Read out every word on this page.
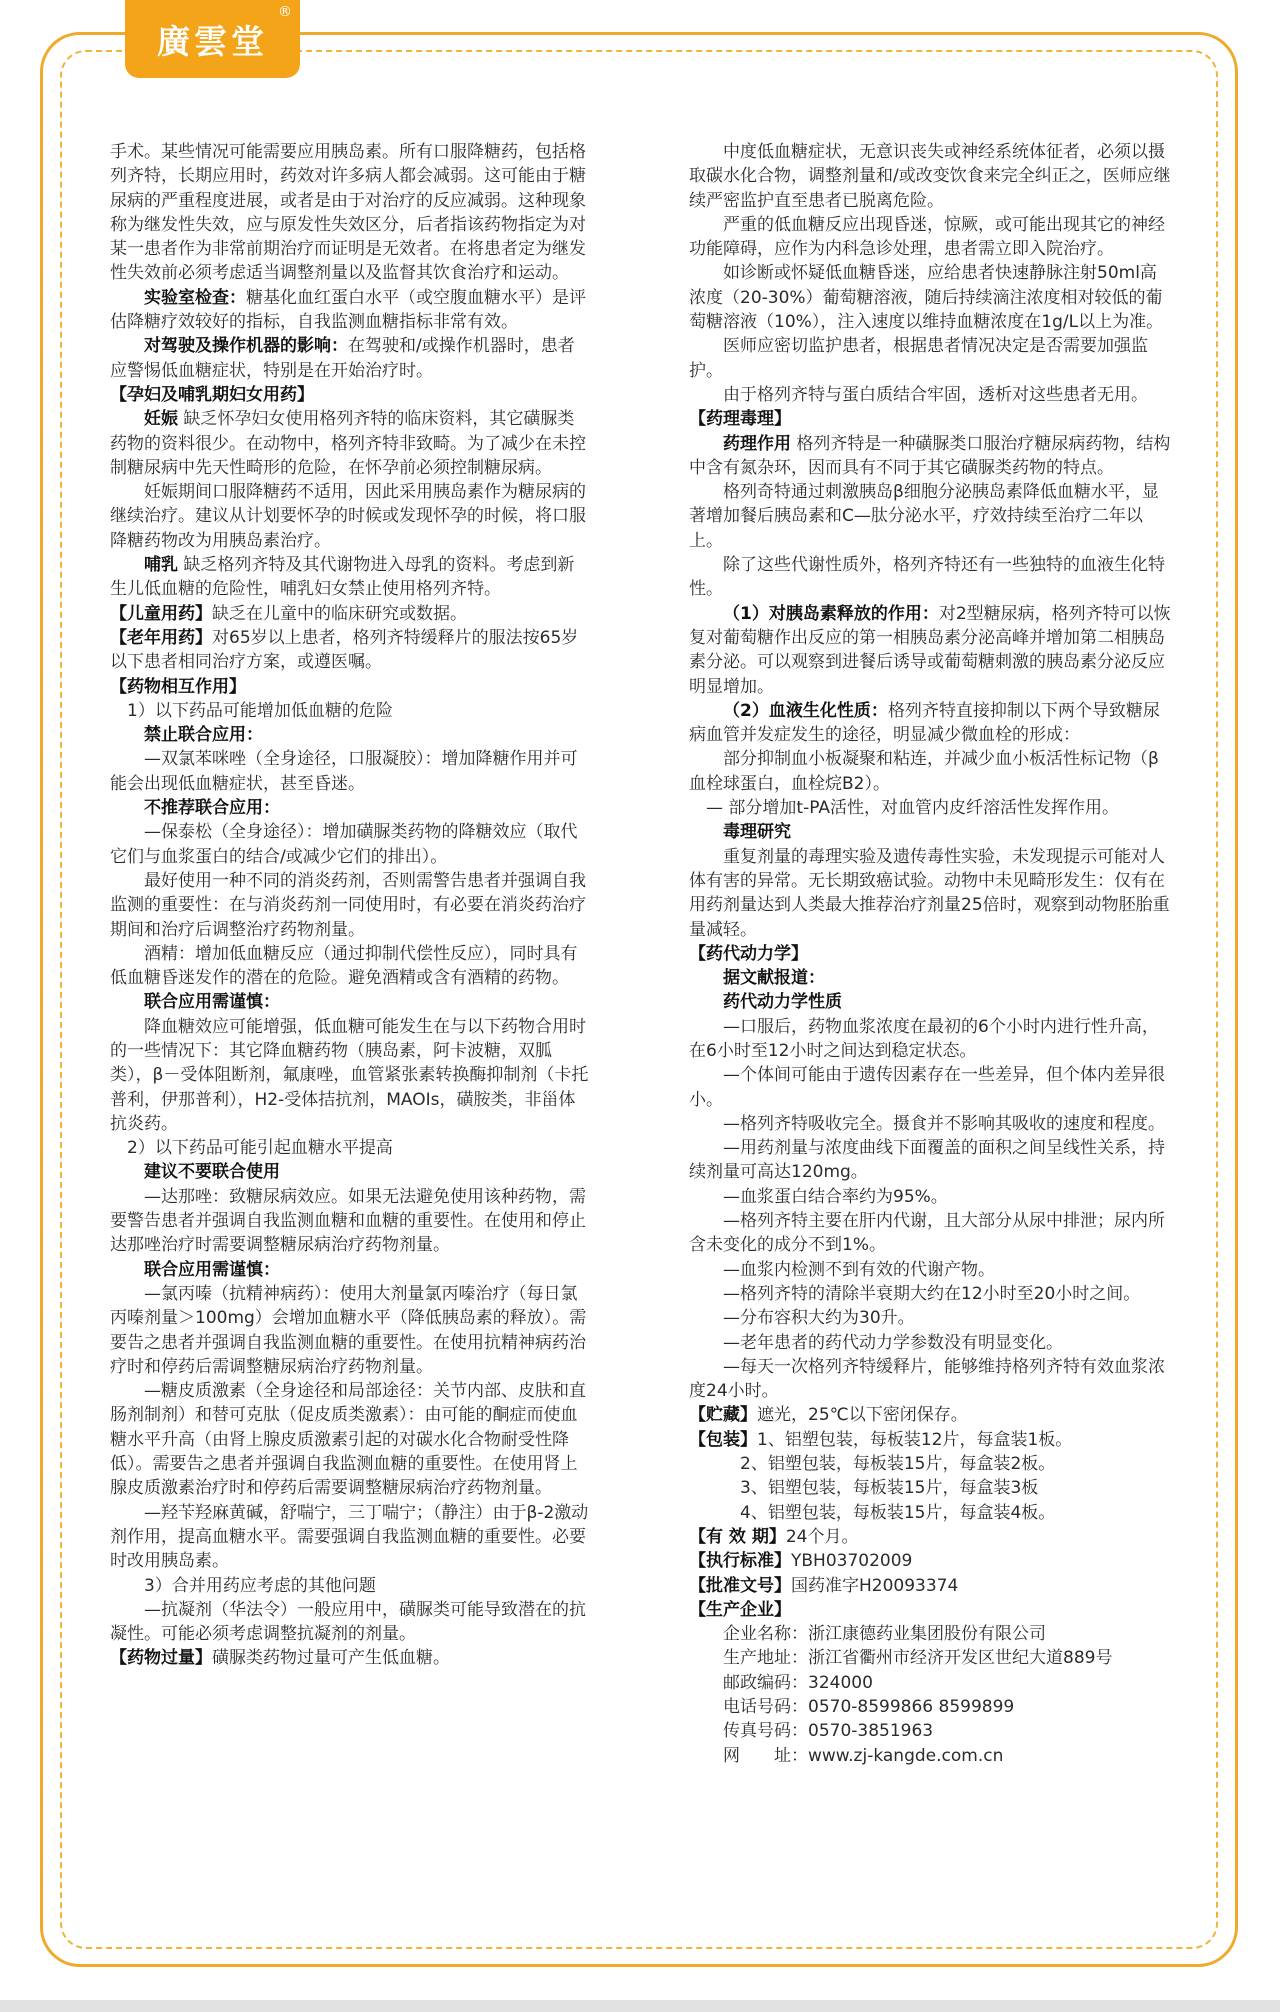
廣雲堂
®

手术。某些情况可能需要应用胰岛素。所有口服降糖药，包括格列齐特，长期应用时，药效对许多病人都会减弱。这可能由于糖尿病的严重程度进展，或者是由于对治疗的反应减弱。这种现象称为继发性失效，应与原发性失效区分，后者指该药物指定为对某一患者作为非常前期治疗而证明是无效者。在将患者定为继发性失效前必须考虑适当调整剂量以及监督其饮食治疗和运动。

实验室检查：糖基化血红蛋白水平（或空腹血糖水平）是评估降糖疗效较好的指标，自我监测血糖指标非常有效。

对驾驶及操作机器的影响：在驾驶和/或操作机器时，患者应警惕低血糖症状，特别是在开始治疗时。

【孕妇及哺乳期妇女用药】

妊娠 缺乏怀孕妇女使用格列齐特的临床资料，其它磺脲类药物的资料很少。在动物中，格列齐特非致畸。为了减少在未控制糖尿病中先天性畸形的危险，在怀孕前必须控制糖尿病。

妊娠期间口服降糖药不适用，因此采用胰岛素作为糖尿病的继续治疗。建议从计划要怀孕的时候或发现怀孕的时候，将口服降糖药物改为用胰岛素治疗。

哺乳 缺乏格列齐特及其代谢物进入母乳的资料。考虑到新生儿低血糖的危险性，哺乳妇女禁止使用格列齐特。

【儿童用药】缺乏在儿童中的临床研究或数据。

【老年用药】对65岁以上患者，格列齐特缓释片的服法按65岁以下患者相同治疗方案，或遵医嘱。

【药物相互作用】

1）以下药品可能增加低血糖的危险

禁止联合应用：

—双氯苯咪唑（全身途径，口服凝胶）：增加降糖作用并可能会出现低血糖症状，甚至昏迷。

不推荐联合应用：

—保泰松（全身途径）：增加磺脲类药物的降糖效应（取代它们与血浆蛋白的结合/或减少它们的排出）。

最好使用一种不同的消炎药剂，否则需警告患者并强调自我监测的重要性：在与消炎药剂一同使用时，有必要在消炎药治疗期间和治疗后调整治疗药物剂量。

酒精：增加低血糖反应（通过抑制代偿性反应），同时具有低血糖昏迷发作的潜在的危险。避免酒精或含有酒精的药物。

联合应用需谨慎：

降血糖效应可能增强，低血糖可能发生在与以下药物合用时的一些情况下：其它降血糖药物（胰岛素，阿卡波糖，双胍类），β－受体阻断剂，氟康唑，血管紧张素转换酶抑制剂（卡托普利，伊那普利），H2-受体拮抗剂，MAOIs，磺胺类，非甾体抗炎药。

2）以下药品可能引起血糖水平提高

建议不要联合使用

—达那唑：致糖尿病效应。如果无法避免使用该种药物，需要警告患者并强调自我监测血糖和血糖的重要性。在使用和停止达那唑治疗时需要调整糖尿病治疗药物剂量。

联合应用需谨慎：

—氯丙嗪（抗精神病药）：使用大剂量氯丙嗪治疗（每日氯丙嗪剂量＞100mg）会增加血糖水平（降低胰岛素的释放）。需要告之患者并强调自我监测血糖的重要性。在使用抗精神病药治疗时和停药后需调整糖尿病治疗药物剂量。

—糖皮质激素（全身途径和局部途径：关节内部、皮肤和直肠剂制剂）和替可克肽（促皮质类激素）：由可能的酮症而使血糖水平升高（由肾上腺皮质激素引起的对碳水化合物耐受性降低）。需要告之患者并强调自我监测血糖的重要性。在使用肾上腺皮质激素治疗时和停药后需要调整糖尿病治疗药物剂量。

—羟苄羟麻黄碱，舒喘宁，三丁喘宁；（静注）由于β-2激动剂作用，提高血糖水平。需要强调自我监测血糖的重要性。必要时改用胰岛素。

3）合并用药应考虑的其他问题

—抗凝剂（华法令）一般应用中，磺脲类可能导致潜在的抗凝性。可能必须考虑调整抗凝剂的剂量。

【药物过量】磺脲类药物过量可产生低血糖。

中度低血糖症状，无意识丧失或神经系统体征者，必须以摄取碳水化合物，调整剂量和/或改变饮食来完全纠正之，医师应继续严密监护直至患者已脱离危险。

严重的低血糖反应出现昏迷，惊厥，或可能出现其它的神经功能障碍，应作为内科急诊处理，患者需立即入院治疗。

如诊断或怀疑低血糖昏迷，应给患者快速静脉注射50ml高浓度（20-30%）葡萄糖溶液，随后持续滴注浓度相对较低的葡萄糖溶液（10%），注入速度以维持血糖浓度在1g/L以上为准。

医师应密切监护患者，根据患者情况决定是否需要加强监护。

由于格列齐特与蛋白质结合牢固，透析对这些患者无用。

【药理毒理】

药理作用 格列齐特是一种磺脲类口服治疗糖尿病药物，结构中含有氮杂环，因而具有不同于其它磺脲类药物的特点。

格列奇特通过刺激胰岛β细胞分泌胰岛素降低血糖水平，显著增加餐后胰岛素和C—肽分泌水平，疗效持续至治疗二年以上。

除了这些代谢性质外，格列齐特还有一些独特的血液生化特性。

（1）对胰岛素释放的作用：对2型糖尿病，格列齐特可以恢复对葡萄糖作出反应的第一相胰岛素分泌高峰并增加第二相胰岛素分泌。可以观察到进餐后诱导或葡萄糖刺激的胰岛素分泌反应明显增加。

（2）血液生化性质：格列齐特直接抑制以下两个导致糖尿病血管并发症发生的途径，明显减少微血栓的形成：

部分抑制血小板凝聚和粘连，并减少血小板活性标记物（β血栓球蛋白，血栓烷B2）。

— 部分增加t-PA活性，对血管内皮纤溶活性发挥作用。

毒理研究

重复剂量的毒理实验及遗传毒性实验，未发现提示可能对人体有害的异常。无长期致癌试验。动物中未见畸形发生：仅有在用药剂量达到人类最大推荐治疗剂量25倍时，观察到动物胚胎重量减轻。

【药代动力学】

据文献报道：

药代动力学性质

—口服后，药物血浆浓度在最初的6个小时内进行性升高，在6小时至12小时之间达到稳定状态。

—个体间可能由于遗传因素存在一些差异，但个体内差异很小。

—格列齐特吸收完全。摄食并不影响其吸收的速度和程度。

—用药剂量与浓度曲线下面覆盖的面积之间呈线性关系，持续剂量可高达120mg。

—血浆蛋白结合率约为95%。

—格列齐特主要在肝内代谢，且大部分从尿中排泄；尿内所含未变化的成分不到1%。

—血浆内检测不到有效的代谢产物。

—格列齐特的清除半衰期大约在12小时至20小时之间。

—分布容积大约为30升。

—老年患者的药代动力学参数没有明显变化。

—每天一次格列齐特缓释片，能够维持格列齐特有效血浆浓度24小时。

【贮藏】遮光，25℃以下密闭保存。

【包装】1、铝塑包装，每板装12片，每盒装1板。

2、铝塑包装，每板装15片，每盒装2板。

3、铝塑包装，每板装15片，每盒装3板

4、铝塑包装，每板装15片，每盒装4板。

【有 效 期】24个月。

【执行标准】YBH03702009

【批准文号】国药准字H20093374

【生产企业】

企业名称：浙江康德药业集团股份有限公司

生产地址：浙江省衢州市经济开发区世纪大道889号

邮政编码：324000

电话号码：0570-8599866 8599899

传真号码：0570-3851963

网　　址：www.zj-kangde.com.cn
